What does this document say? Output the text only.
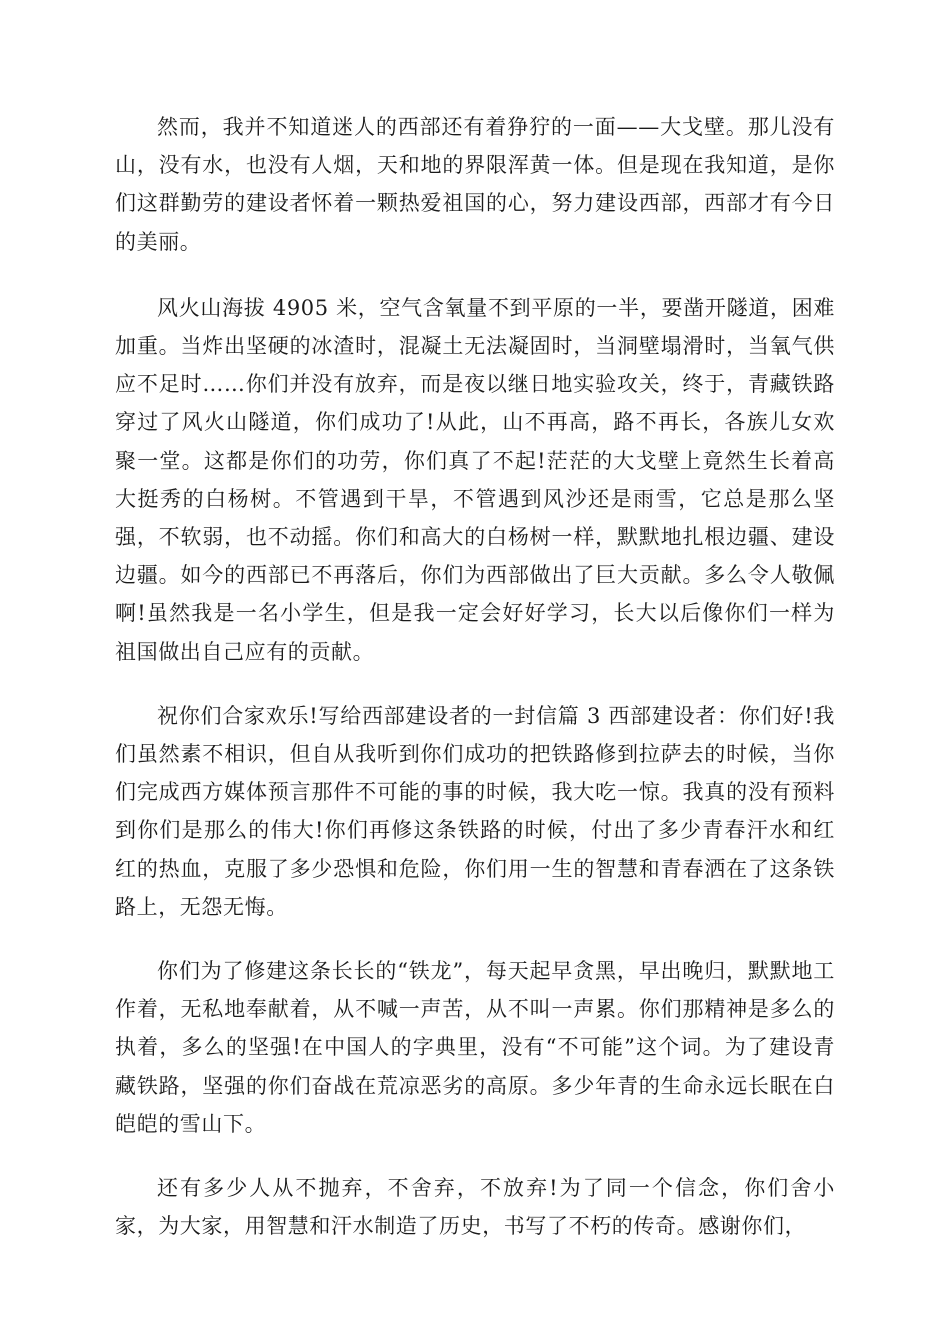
然而，我并不知道迷人的西部还有着狰狞的一面——大戈壁。那儿没有山，没有水，也没有人烟，天和地的界限浑黄一体。但是现在我知道，是你们这群勤劳的建设者怀着一颗热爱祖国的心，努力建设西部，西部才有今日的美丽。

风火山海拔 4905 米，空气含氧量不到平原的一半，要凿开隧道，困难加重。当炸出坚硬的冰渣时，混凝土无法凝固时，当洞壁塌滑时，当氧气供应不足时……你们并没有放弃，而是夜以继日地实验攻关，终于，青藏铁路穿过了风火山隧道，你们成功了!从此，山不再高，路不再长，各族儿女欢聚一堂。这都是你们的功劳，你们真了不起!茫茫的大戈壁上竟然生长着高大挺秀的白杨树。不管遇到干旱，不管遇到风沙还是雨雪，它总是那么坚强，不软弱，也不动摇。你们和高大的白杨树一样，默默地扎根边疆、建设边疆。如今的西部已不再落后，你们为西部做出了巨大贡献。多么令人敬佩啊!虽然我是一名小学生，但是我一定会好好学习，长大以后像你们一样为祖国做出自己应有的贡献。

祝你们合家欢乐!写给西部建设者的一封信篇 3 西部建设者：你们好!我们虽然素不相识，但自从我听到你们成功的把铁路修到拉萨去的时候，当你们完成西方媒体预言那件不可能的事的时候，我大吃一惊。我真的没有预料到你们是那么的伟大!你们再修这条铁路的时候，付出了多少青春汗水和红红的热血，克服了多少恐惧和危险，你们用一生的智慧和青春洒在了这条铁路上，无怨无悔。

你们为了修建这条长长的“铁龙”，每天起早贪黑，早出晚归，默默地工作着，无私地奉献着，从不喊一声苦，从不叫一声累。你们那精神是多么的执着，多么的坚强!在中国人的字典里，没有“不可能”这个词。为了建设青藏铁路，坚强的你们奋战在荒凉恶劣的高原。多少年青的生命永远长眠在白皑皑的雪山下。

还有多少人从不抛弃，不舍弃，不放弃!为了同一个信念，你们舍小家，为大家，用智慧和汗水制造了历史，书写了不朽的传奇。感谢你们，
